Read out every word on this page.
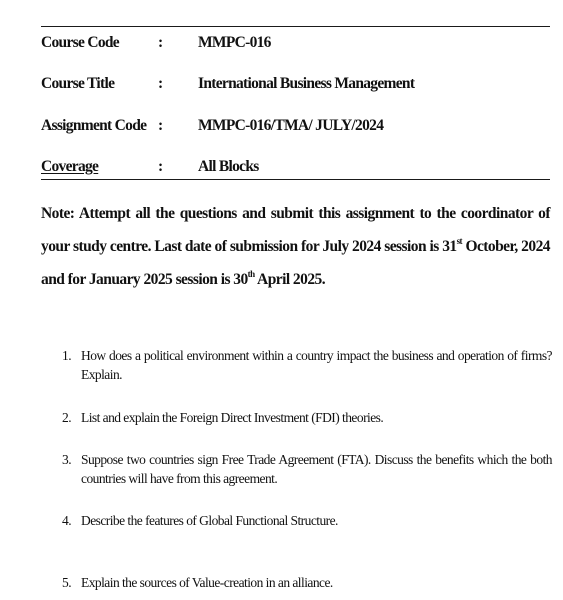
Course Code	: MMPC-016
Course Title	: International Business Management
Assignment Code : MMPC-016/TMA/ JULY/2024
Coverage	: All Blocks
Note: Attempt all the questions and submit this assignment to the coordinator of your study centre. Last date of submission for July 2024 session is 31st October, 2024 and for January 2025 session is 30th April 2025.
1. How does a political environment within a country impact the business and operation of firms? Explain.
2. List and explain the Foreign Direct Investment (FDI) theories.
3. Suppose two countries sign Free Trade Agreement (FTA). Discuss the benefits which the both countries will have from this agreement.
4. Describe the features of Global Functional Structure.
5. Explain the sources of Value-creation in an alliance.
